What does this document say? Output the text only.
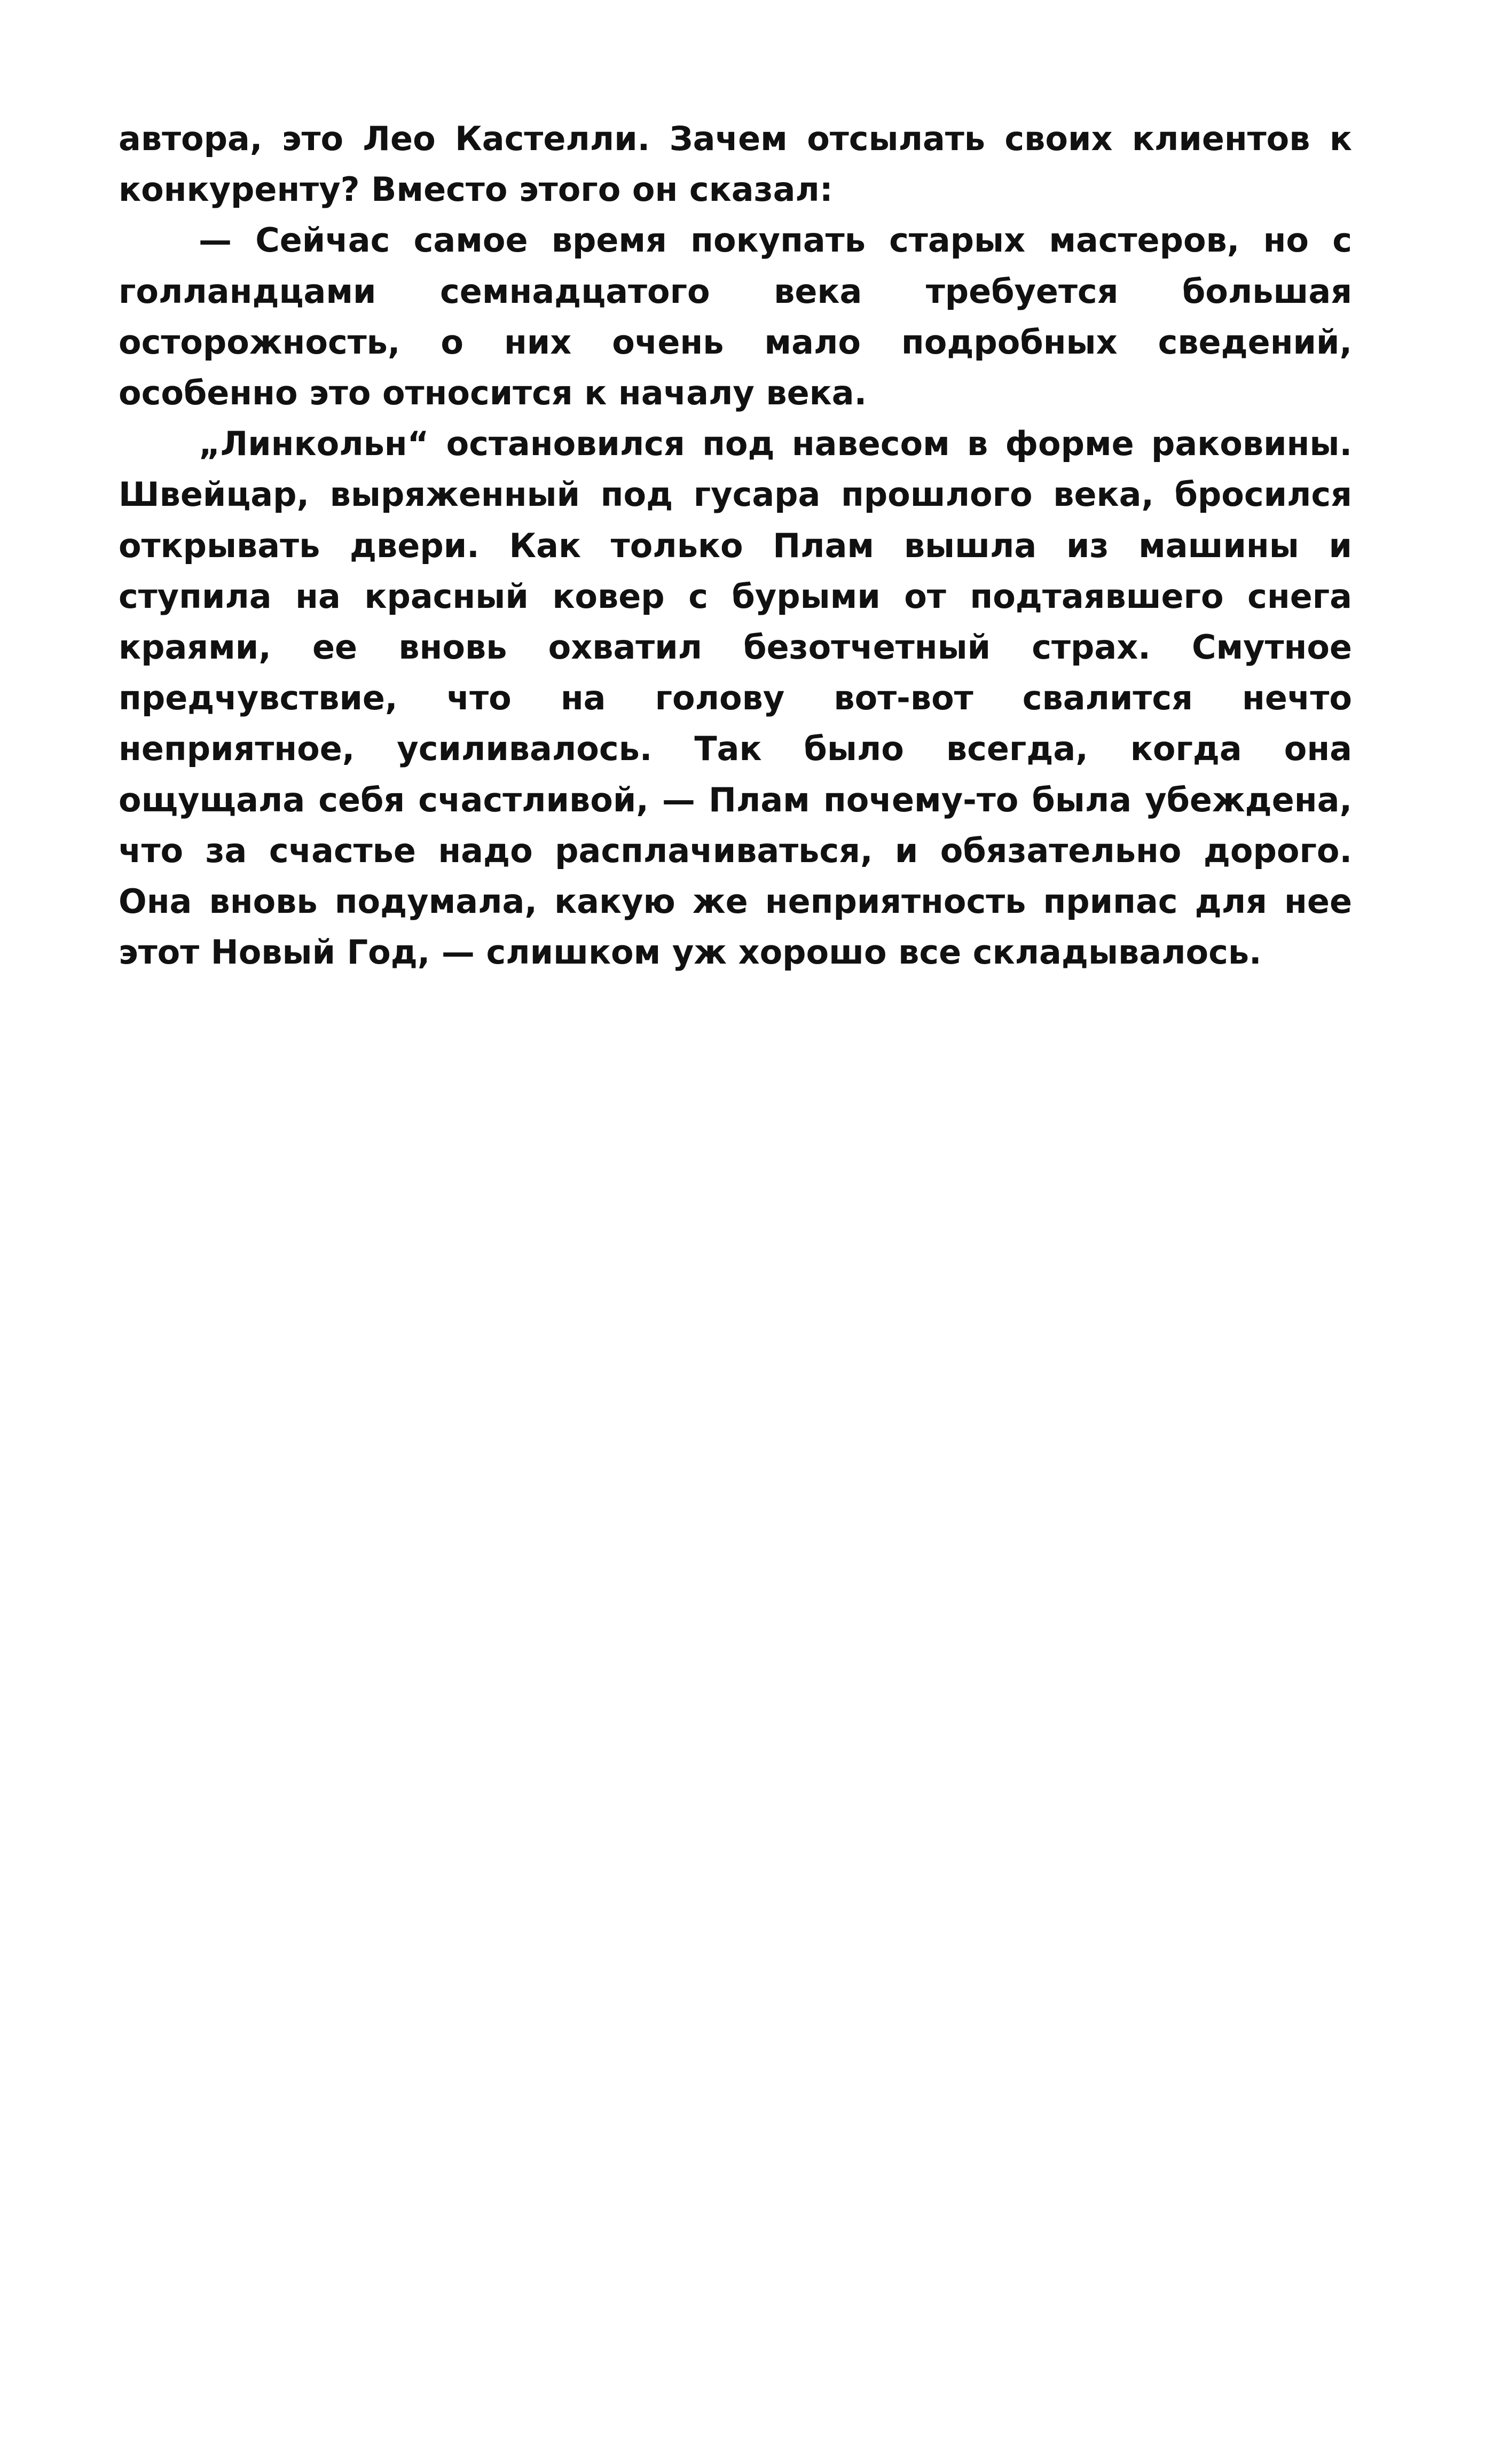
автора, это Лео Кастелли. Зачем отсылать своих клиентов к конкуренту? Вместо этого он сказал:

— Сейчас самое время покупать старых мастеров, но с голландцами семнадцатого века требуется большая осторожность, о них очень мало подробных сведений, особенно это относится к началу века.

„Линкольн“ остановился под навесом в форме раковины. Швейцар, выряженный под гусара прошлого века, бросился открывать двери. Как только Плам вышла из машины и ступила на красный ковер с бурыми от подтаявшего снега краями, ее вновь охватил безотчетный страх. Смутное предчувствие, что на голову вот-вот свалится нечто неприятное, усиливалось. Так было всегда, когда она ощущала себя счастливой, — Плам почему-то была убеждена, что за счастье надо расплачиваться, и обязательно дорого. Она вновь подумала, какую же неприятность припас для нее этот Новый Год, — слишком уж хорошо все складывалось.
